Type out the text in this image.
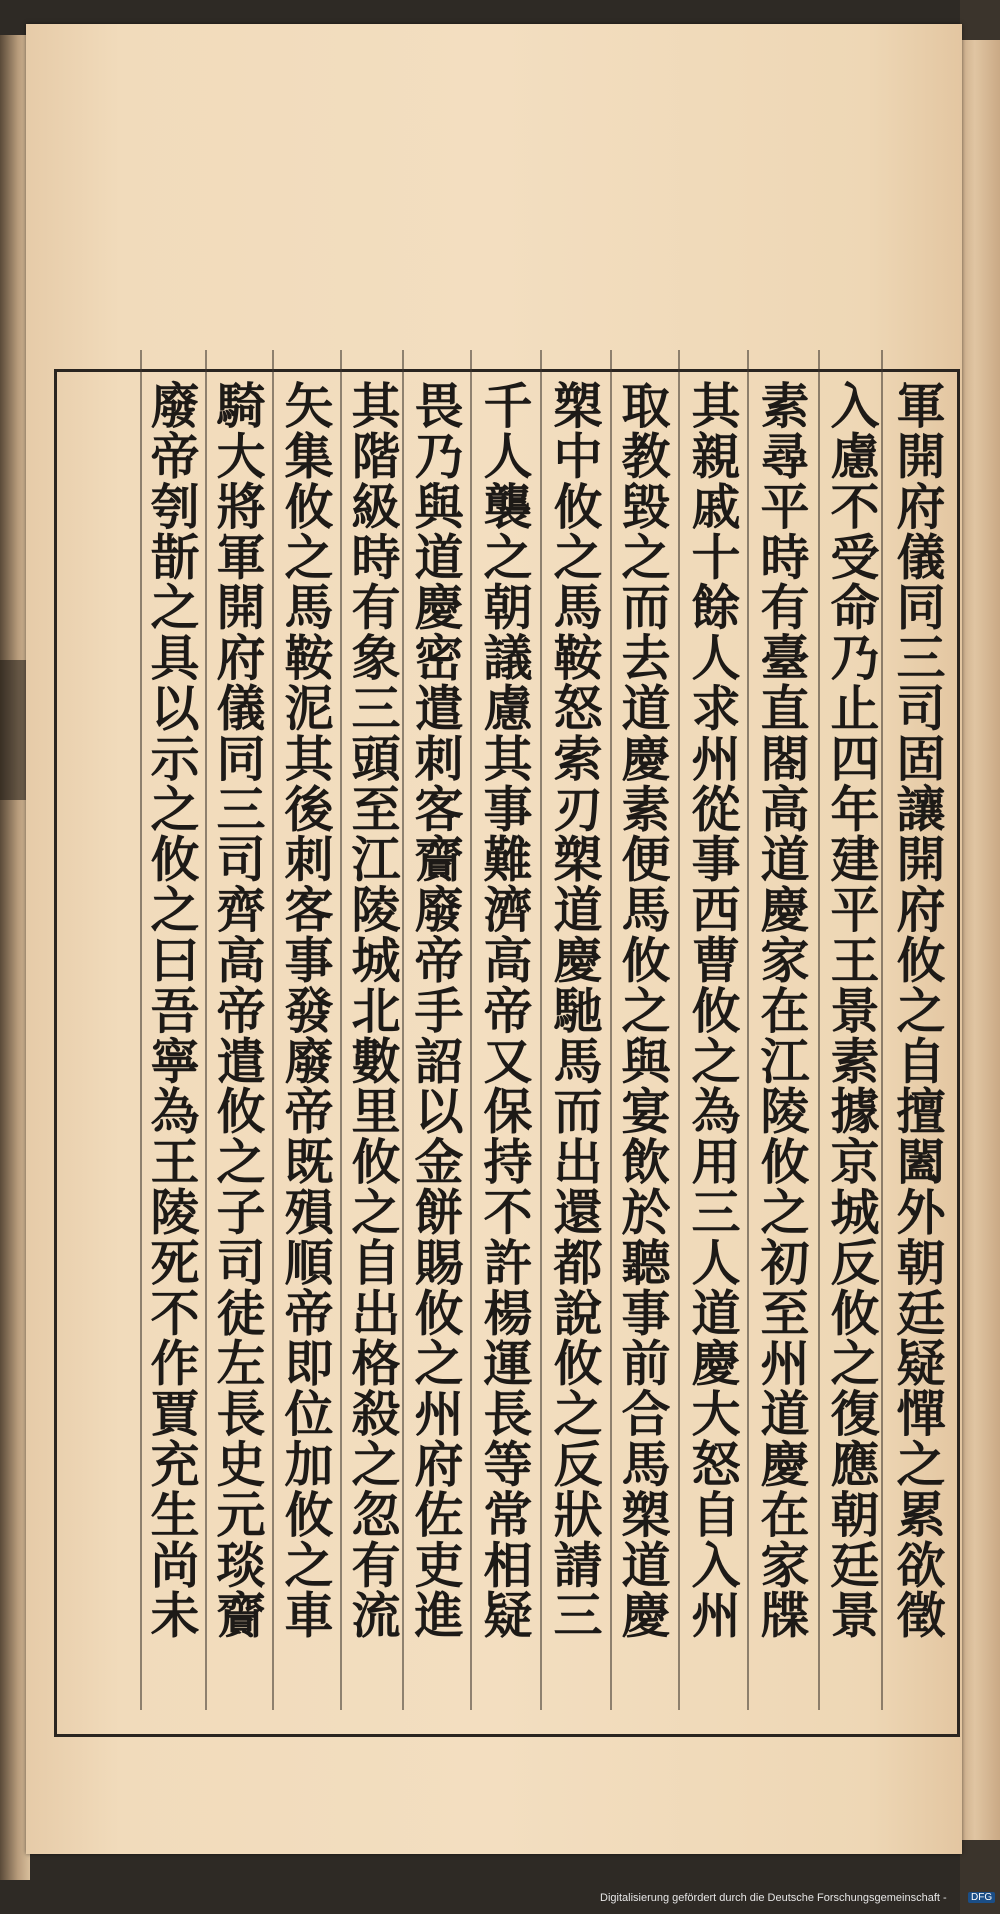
軍開府儀同三司固讓開府攸之自擅闔外朝廷疑憚之累欲徵
入慮不受命乃止四年建平王景素據京城反攸之復應朝廷景
素尋平時有臺直閤高道慶家在江陵攸之初至州道慶在家牒
其親戚十餘人求州從事西曹攸之為用三人道慶大怒自入州
取教毀之而去道慶素便馬攸之與宴飲於聽事前合馬槊道慶
槊中攸之馬鞍怒索刃槊道慶馳馬而出還都說攸之反狀請三
千人襲之朝議慮其事難濟高帝又保持不許楊運長等常相疑
畏乃與道慶密遣刺客齎廢帝手詔以金餅賜攸之州府佐吏進
其階級時有象三頭至江陵城北數里攸之自出格殺之忽有流
矢集攸之馬鞍泥其後刺客事發廢帝既殞順帝即位加攸之車
騎大將軍開府儀同三司齊高帝遣攸之子司徒左長史元琰齎
廢帝刳斮之具以示之攸之曰吾寧為王陵死不作賈充生尚未
Digitalisierung gefördert durch die Deutsche Forschungsgemeinschaft -	DFG
